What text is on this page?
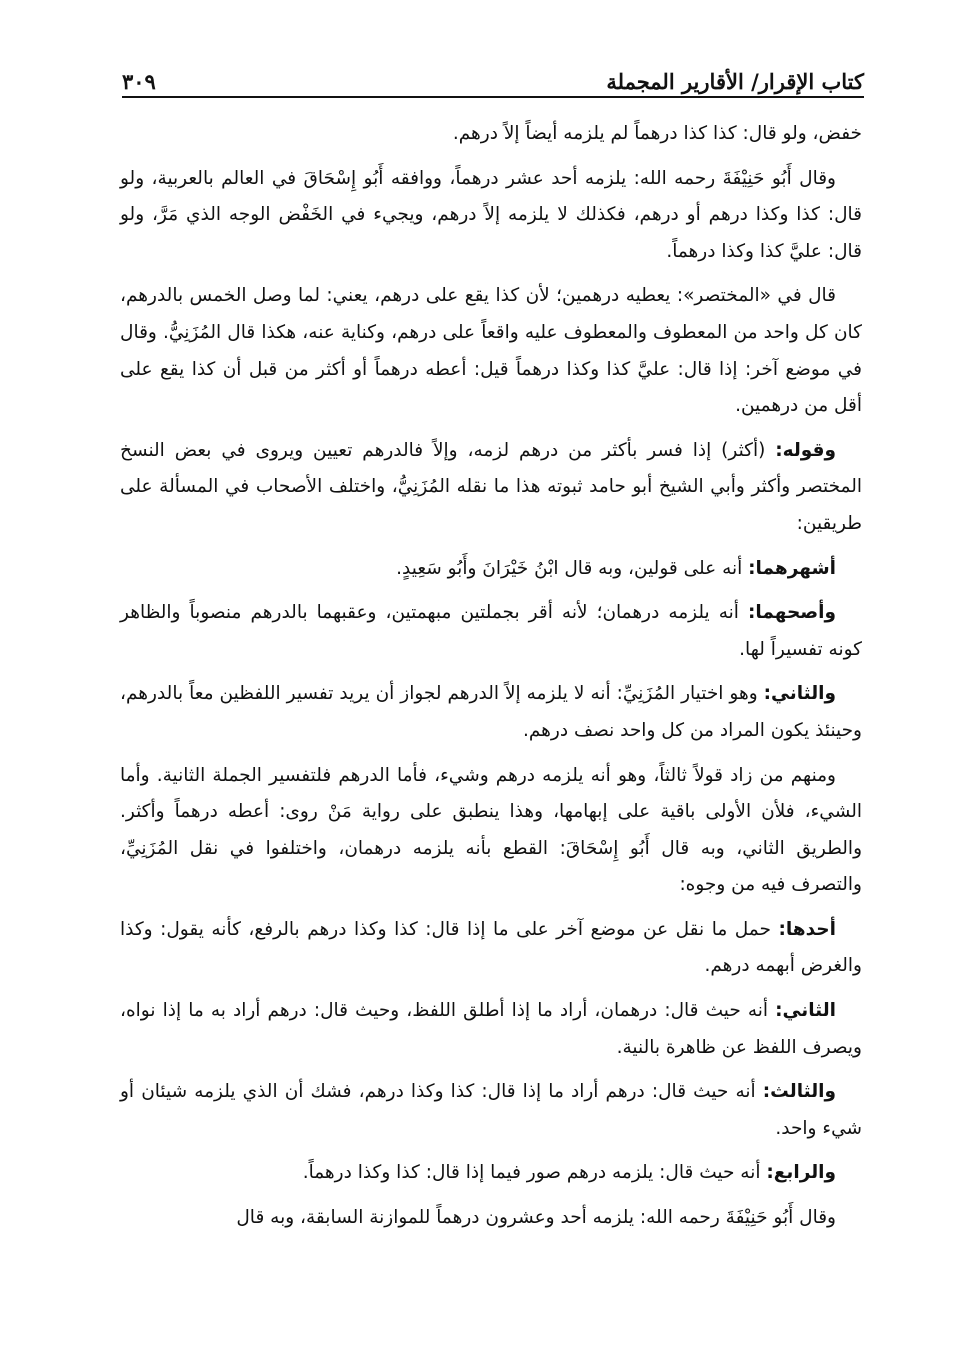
كتاب الإقرار/ الأقارير المجملة
٣٠٩

خفض، ولو قال: كذا كذا درهماً لم يلزمه أيضاً إلاً درهم.

وقال أَبُو حَنِيْفَةَ رحمه الله: يلزمه أحد عشر درهماً، ووافقه أَبُو إِسْحَاقَ في العالم بالعربية، ولو قال: كذا وكذا درهم أو درهم، فكذلك لا يلزمه إلاً درهم، ويجيء في الخَفْض الوجه الذي مَرَّ، ولو قال: عليَّ كذا وكذا درهماً.

قال في «المختصر»: يعطيه درهمين؛ لأن كذا يقع على درهم، يعني: لما وصل الخمس بالدرهم، كان كل واحد من المعطوف والمعطوف عليه واقعاً على درهم، وكناية عنه، هكذا قال المُزَنِيُّ. وقال في موضع آخر: إذا قال: عليَّ كذا وكذا درهماً قيل: أعطه درهماً أو أكثر من قبل أن كذا يقع على أقل من درهمين.

وقوله: (أكثر) إذا فسر بأكثر من درهم لزمه، وإلاً فالدرهم تعيين ويروى في بعض النسخ المختصر وأكثر وأبي الشيخ أبو حامد ثبوته هذا ما نقله المُزَنِيُّ، واختلف الأصحاب في المسألة على طريقين:

أشهرهما: أنه على قولين، وبه قال ابْنُ خَيْرَانَ وأَبُو سَعِيدٍ.

وأصحهما: أنه يلزمه درهمان؛ لأنه أقر بجملتين مبهمتين، وعقبهما بالدرهم منصوباً والظاهر كونه تفسيراً لها.

والثاني: وهو اختيار المُزَنِيِّ: أنه لا يلزمه إلاً الدرهم لجواز أن يريد تفسير اللفظين معاً بالدرهم، وحينئذ يكون المراد من كل واحد نصف درهم.

ومنهم من زاد قولاً ثالثاً، وهو أنه يلزمه درهم وشيء، فأما الدرهم فلتفسير الجملة الثانية. وأما الشيء، فلأن الأولى باقية على إبهامها، وهذا ينطبق على رواية مَنْ روى: أعطه درهماً وأكثر. والطريق الثاني، وبه قال أَبُو إِسْحَاقَ: القطع بأنه يلزمه درهمان، واختلفوا في نقل المُزَنِيِّ، والتصرف فيه من وجوه:

أحدها: حمل ما نقل عن موضع آخر على ما إذا قال: كذا وكذا درهم بالرفع، كأنه يقول: وكذا والغرض أبهمه درهم.

الثاني: أنه حيث قال: درهمان، أراد ما إذا أطلق اللفظ، وحيث قال: درهم أراد به ما إذا نواه، ويصرف اللفظ عن ظاهرة بالنية.

والثالث: أنه حيث قال: درهم أراد ما إذا قال: كذا وكذا درهم، فشك أن الذي يلزمه شيئان أو شيء واحد.

والرابع: أنه حيث قال: يلزمه درهم صور فيما إذا قال: كذا وكذا درهماً.

وقال أَبُو حَنِيْفَةَ رحمه الله: يلزمه أحد وعشرون درهماً للموازنة السابقة، وبه قال
